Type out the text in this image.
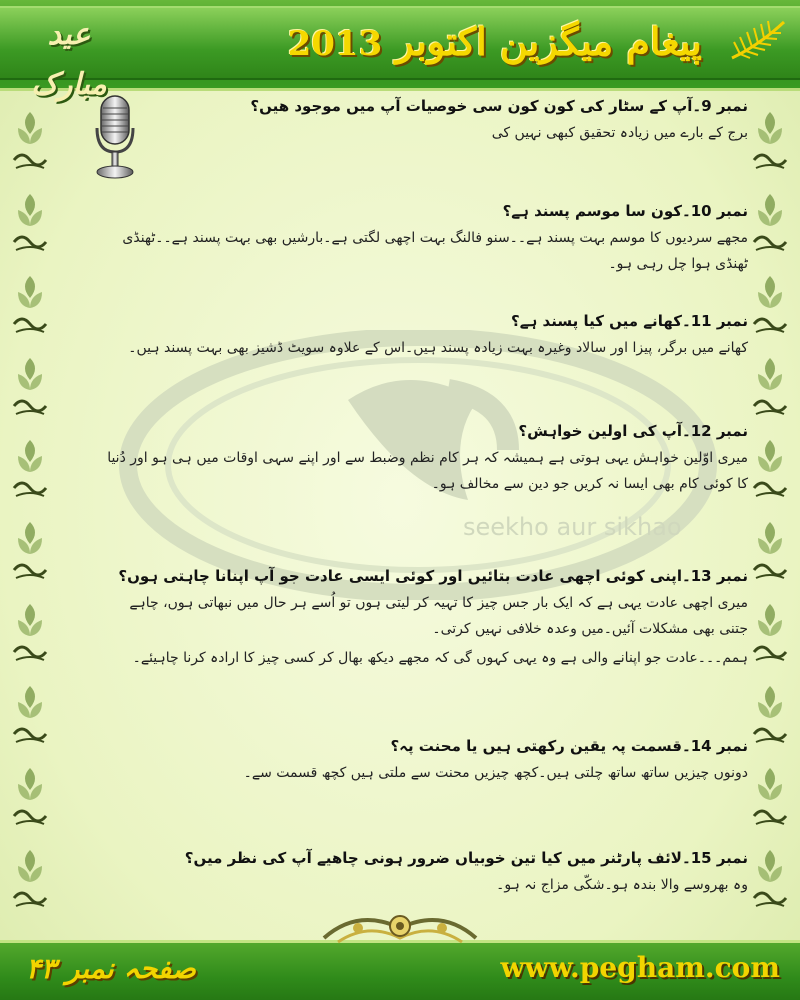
seekho aur sikhao
پیغام میگزین اکتوبر 2013
عید مبارک
نمبر 9۔آپ کے سٹار کی کون کون سی خوصیات آپ میں موجود ھیں؟
برج کے بارے میں زیادہ تحقیق کبھی نہیں کی
نمبر 10۔کون سا موسم پسند ہے؟
مجھے سردیوں کا موسم بہت پسند ہے۔۔سنو فالنگ بہت اچھی لگتی ہے۔بارشیں بھی بہت پسند ہے۔۔ٹھنڈی ٹھنڈی ہوا چل رہی ہو۔
نمبر 11۔کھانے میں کیا پسند ہے؟
کھانے میں برگر، پیزا اور سالاد وغیرہ بہت زیادہ پسند ہیں۔اس کے علاوہ سویٹ ڈشیز بھی بہت پسند ہیں۔
نمبر 12۔آپ کی اولین خواہش؟
میری اوّلین خواہش یہی ہوتی ہے ہمیشہ کہ ہر کام نظم وضبط سے اور اپنے سہی اوقات میں ہی ہو اور دُنیا کا کوئی کام بھی ایسا نہ کریں جو دین سے مخالف ہو۔
نمبر 13۔اپنی کوئی اچھی عادت بتائیں اور کوئی ایسی عادت جو آپ اپنانا چاہتی ہوں؟
میری اچھی عادت یہی ہے کہ ایک بار جس چیز کا تہیہ کر لیتی ہوں تو اُسے ہر حال میں نبھاتی ہوں، چاہے جتنی بھی مشکلات آئیں۔میں وعدہ خلافی نہیں کرتی۔
ہمم۔۔۔عادت جو اپنانے والی ہے وہ یہی کہوں گی کہ مجھے دیکھ بھال کر کسی چیز کا ارادہ کرنا چاہیئے۔
نمبر 14۔قسمت پہ یقین رکھتی ہیں یا محنت پہ؟
دونوں چیزیں ساتھ ساتھ چلتی ہیں۔کچھ چیزیں محنت سے ملتی ہیں کچھ قسمت سے۔
نمبر 15۔لائف پارٹنر میں کیا تین خوبیاں ضرور ہونی چاھیے آپ کی نظر میں؟
وہ بھروسے والا بندہ ہو۔شکّی مزاج نہ ہو۔
صفحہ نمبر ۴۳	www.pegham.com
